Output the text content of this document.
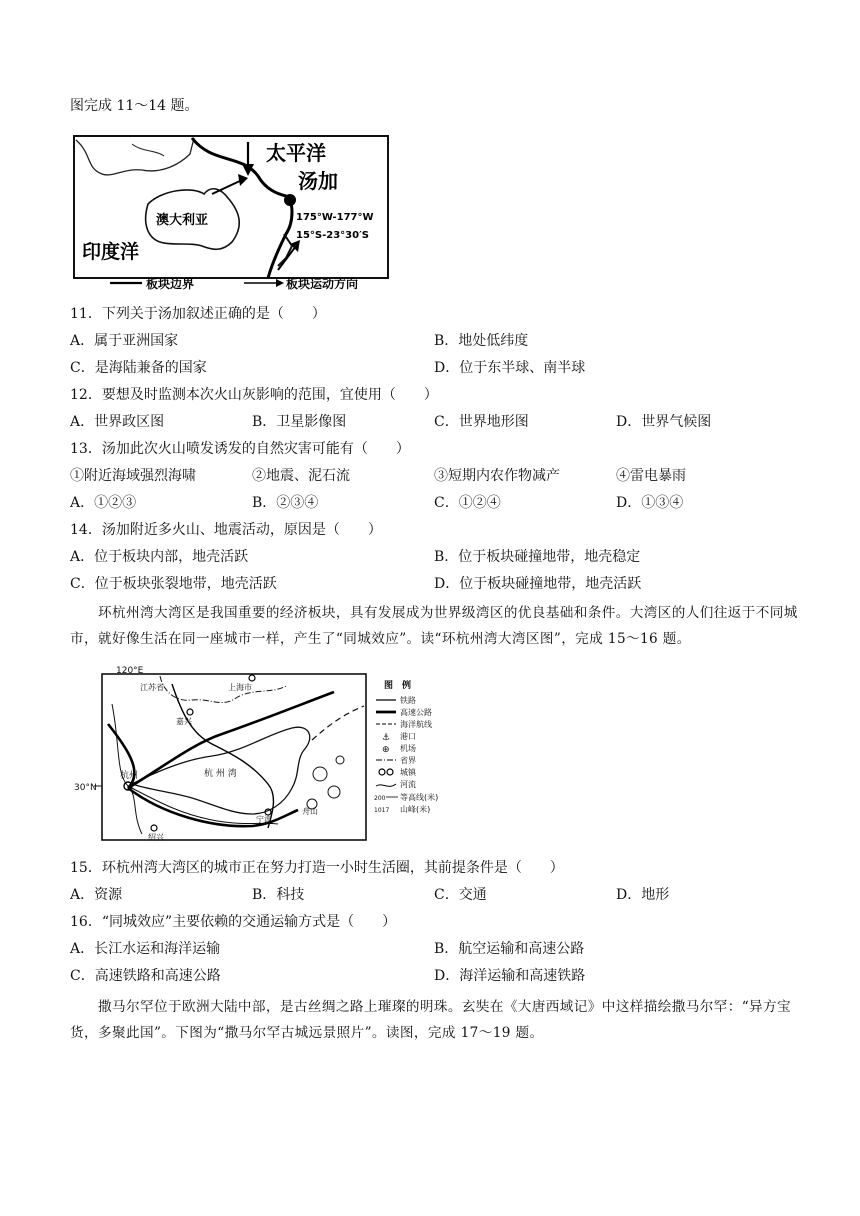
图完成 11～14 题。
太平洋
汤加
澳大利亚
印度洋
175°W-177°W
15°S-23°30′S
板块边界	板块运动方向
11．下列关于汤加叙述正确的是（　　）
A．属于亚洲国家	B．地处低纬度
C．是海陆兼备的国家	D．位于东半球、南半球
12．要想及时监测本次火山灰影响的范围，宜使用（　　）
A．世界政区图	B．卫星影像图	C．世界地形图	D．世界气候图
13．汤加此次火山喷发诱发的自然灾害可能有（　　）
①附近海域强烈海啸	②地震、泥石流	③短期内农作物减产	④雷电暴雨
A．①②③	B．②③④	C．①②④	D．①③④
14．汤加附近多火山、地震活动，原因是（　　）
A．位于板块内部，地壳活跃	B．位于板块碰撞地带，地壳稳定
C．位于板块张裂地带，地壳活跃	D．位于板块碰撞地带，地壳活跃
环杭州湾大湾区是我国重要的经济板块，具有发展成为世界级湾区的优良基础和条件。大湾区的人们往返于不同城市，就好像生活在同一座城市一样，产生了“同城效应”。读“环杭州湾大湾区图”，完成 15～16 题。
120°E
30°N
江苏省	上海市
嘉兴
杭州	杭 州 湾
绍兴
宁波
舟山
图　例
铁路
高速公路
海洋航线
⚓ 港口
⊕ 机场
省界
城镇
河流
200 等高线(米)
1017 山峰(米)
15．环杭州湾大湾区的城市正在努力打造一小时生活圈，其前提条件是（　　）
A．资源	B．科技	C．交通	D．地形
16．“同城效应”主要依赖的交通运输方式是（　　）
A．长江水运和海洋运输	B．航空运输和高速公路
C．高速铁路和高速公路	D．海洋运输和高速铁路
撒马尔罕位于欧洲大陆中部，是古丝绸之路上璀璨的明珠。玄奘在《大唐西域记》中这样描绘撒马尔罕：“异方宝货，多聚此国”。下图为“撒马尔罕古城远景照片”。读图，完成 17～19 题。
